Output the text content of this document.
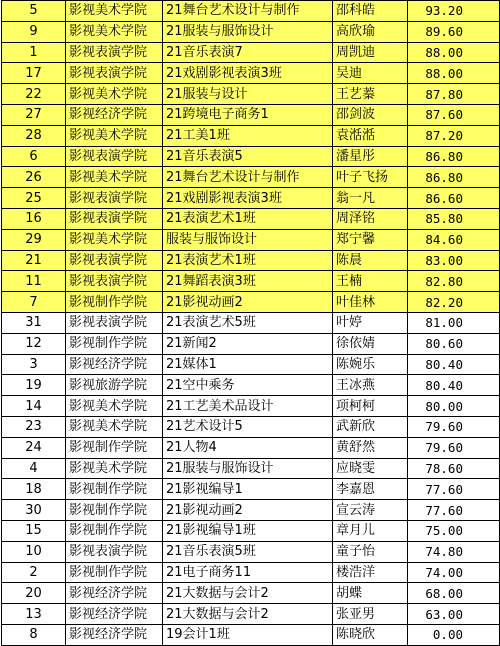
5	影视美术学院	21舞台艺术设计与制作	邵科皓	93.20
9	影视美术学院	21服装与服饰设计	高欣瑜	89.60
1	影视表演学院	21音乐表演7	周凯迪	88.00
17	影视表演学院	21戏剧影视表演3班	吴迪	88.00
22	影视美术学院	21服装与设计	王艺蓁	87.80
27	影视经济学院	21跨境电子商务1	邵剑波	87.60
28	影视美术学院	21工美1班	袁湉湉	87.20
6	影视表演学院	21音乐表演5	潘星彤	86.80
26	影视美术学院	21舞台艺术设计与制作	叶子飞扬	86.80
25	影视表演学院	21戏剧影视表演3班	翁一凡	86.60
16	影视表演学院	21表演艺术1班	周泽铭	85.80
29	影视美术学院	服装与服饰设计	郑宁馨	84.60
21	影视表演学院	21表演艺术1班	陈晨	83.00
11	影视表演学院	21舞蹈表演3班	王楠	82.80
7	影视制作学院	21影视动画2	叶佳林	82.20
31	影视表演学院	21表演艺术5班	叶婷	81.00
12	影视制作学院	21新闻2	徐依婧	80.60
3	影视经济学院	21媒体1	陈婉乐	80.40
19	影视旅游学院	21空中乘务	王冰燕	80.40
14	影视美术学院	21工艺美术品设计	项柯柯	80.00
23	影视美术学院	21艺术设计5	武新欣	79.60
24	影视制作学院	21人物4	黄舒然	79.60
4	影视美术学院	21服装与服饰设计	应晓雯	78.60
18	影视制作学院	21影视编导1	李嘉恩	77.60
30	影视制作学院	21影视动画2	宣云涛	77.60
15	影视制作学院	21影视编导1班	章月儿	75.00
10	影视表演学院	21音乐表演5班	童子怡	74.80
2	影视制作学院	21电子商务11	楼浩洋	74.00
20	影视经济学院	21大数据与会计2	胡蝶	68.00
13	影视经济学院	21大数据与会计2	张亚男	63.00
8	影视经济学院	19会计1班	陈晓欣	0.00
